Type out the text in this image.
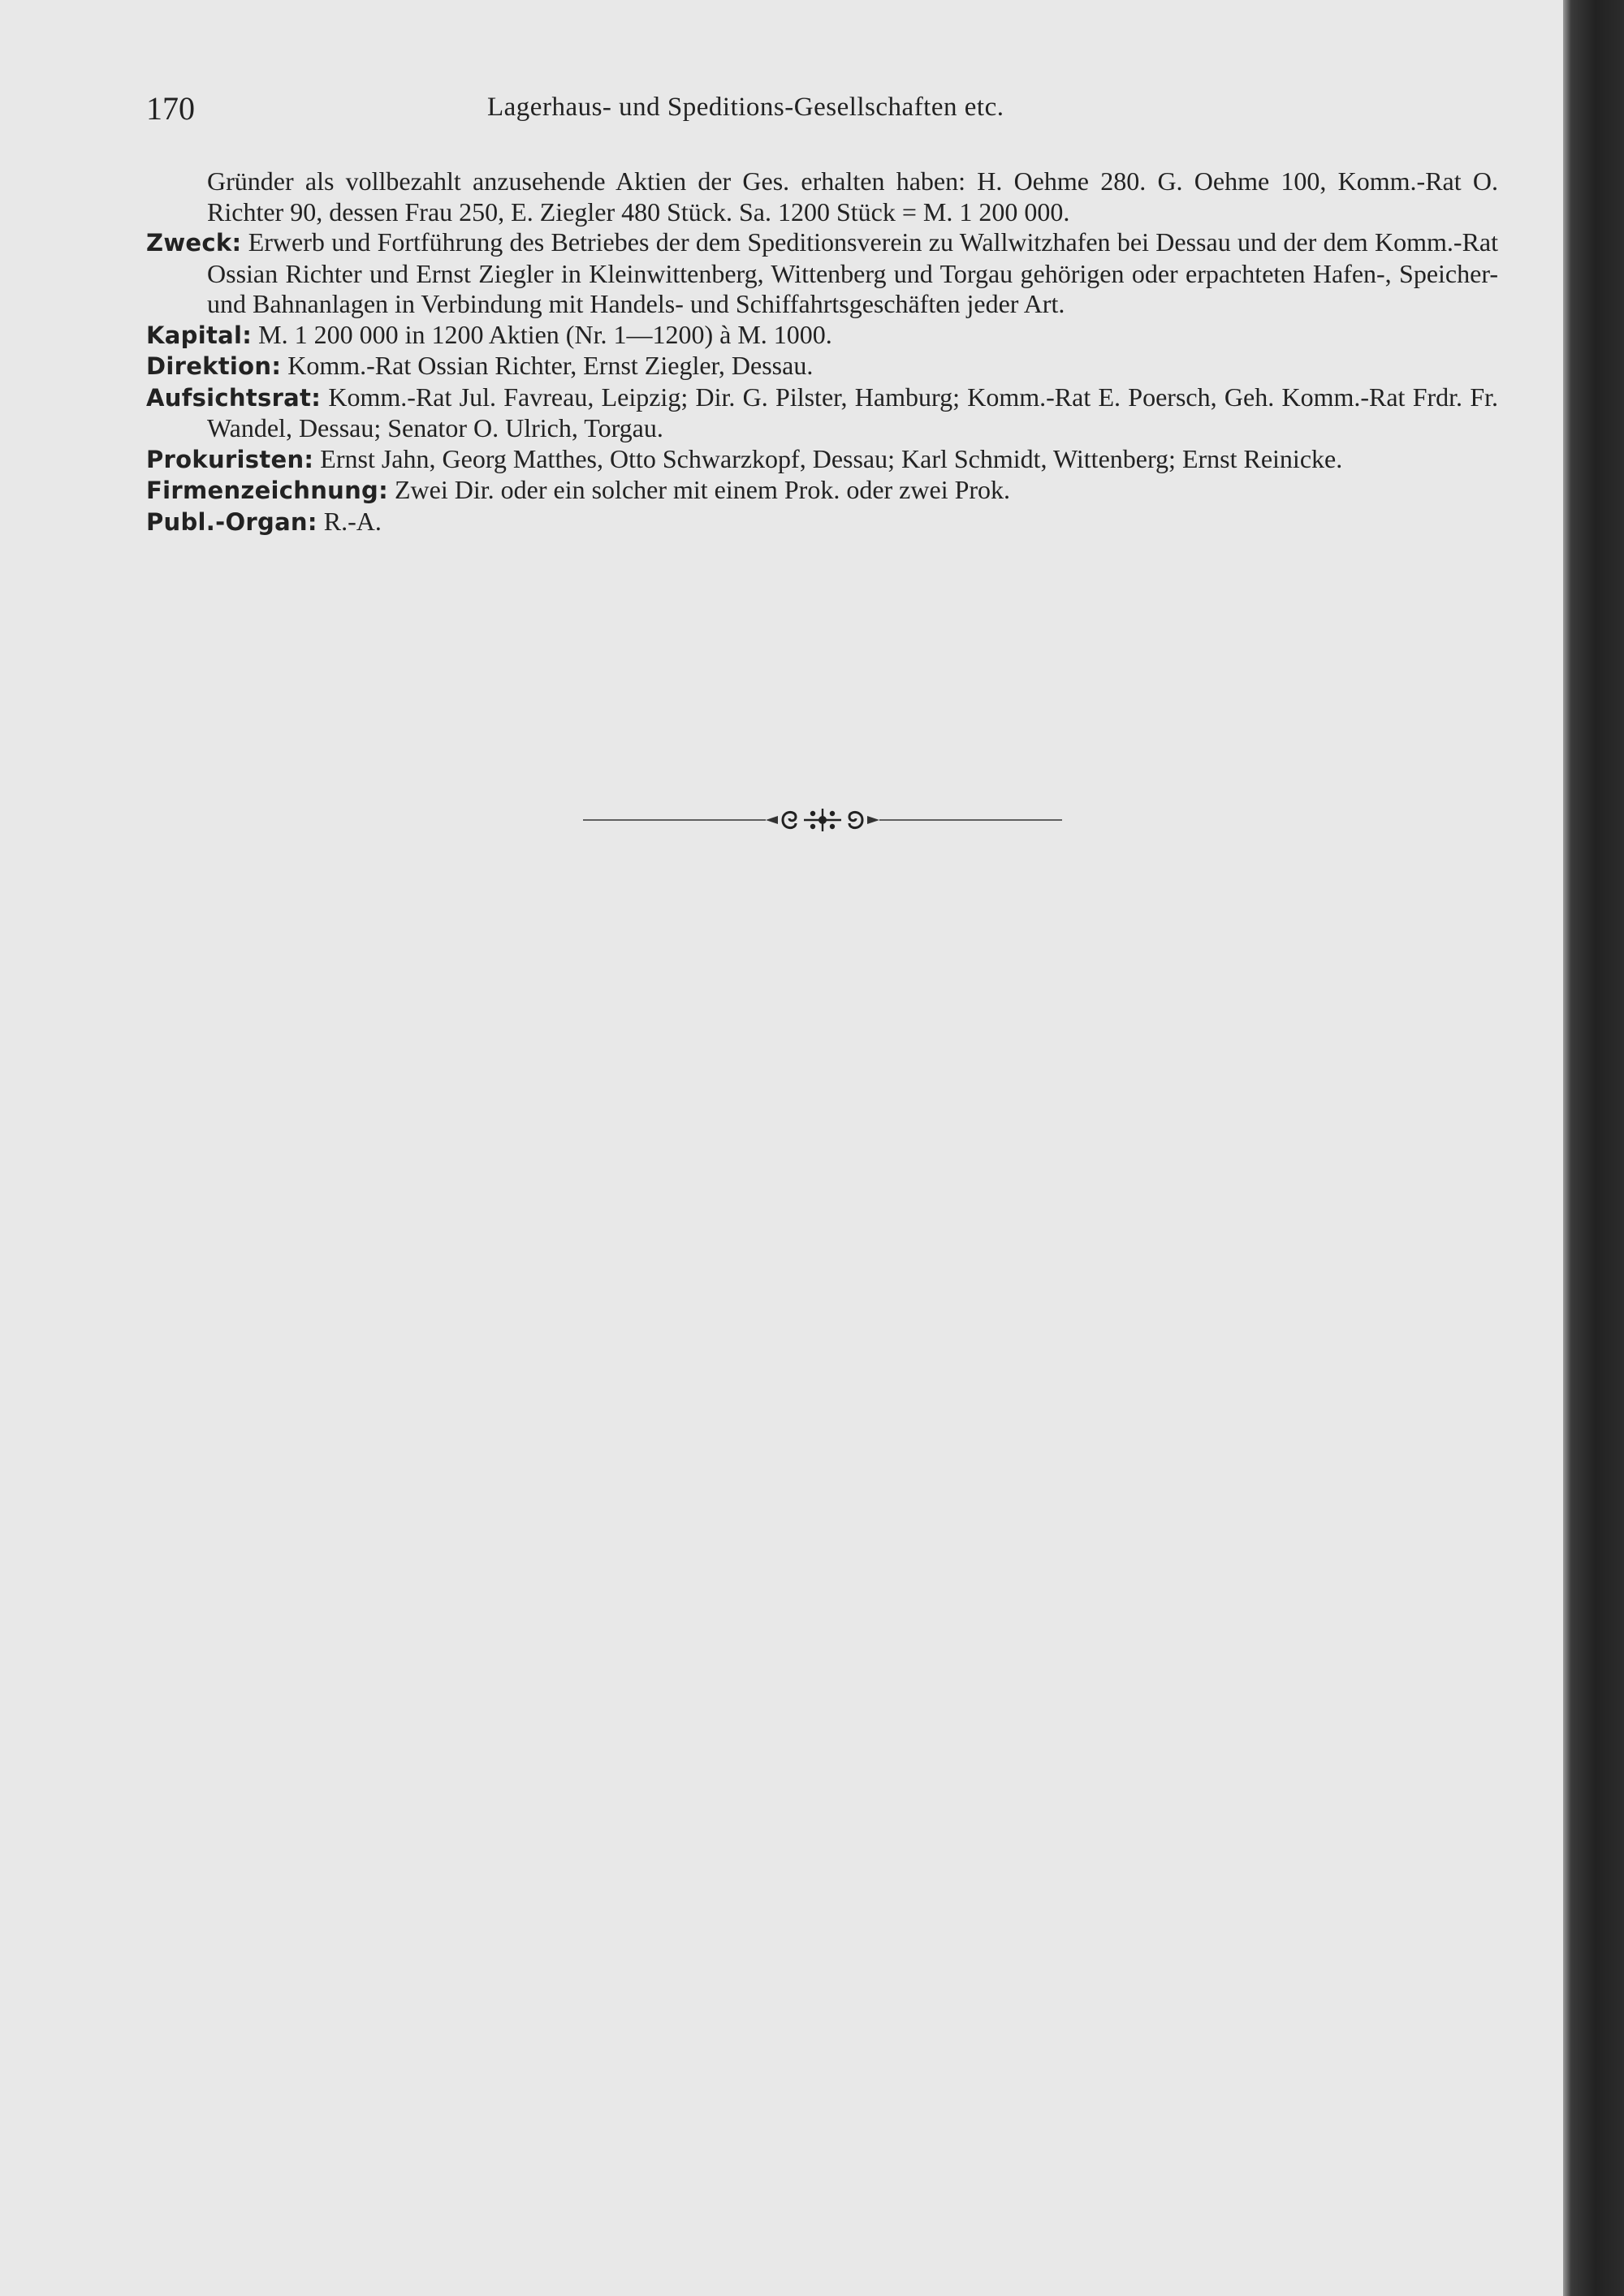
170	Lagerhaus- und Speditions-Gesellschaften etc.

Gründer als vollbezahlt anzusehende Aktien der Ges. erhalten haben: H. Oehme 280. G. Oehme 100, Komm.-Rat O. Richter 90, dessen Frau 250, E. Ziegler 480 Stück. Sa. 1200 Stück = M. 1 200 000.

Zweck: Erwerb und Fortführung des Betriebes der dem Speditionsverein zu Wallwitzhafen bei Dessau und der dem Komm.-Rat Ossian Richter und Ernst Ziegler in Kleinwittenberg, Wittenberg und Torgau gehörigen oder erpachteten Hafen-, Speicher- und Bahnanlagen in Verbindung mit Handels- und Schiffahrtsgeschäften jeder Art.

Kapital: M. 1 200 000 in 1200 Aktien (Nr. 1—1200) à M. 1000.

Direktion: Komm.-Rat Ossian Richter, Ernst Ziegler, Dessau.

Aufsichtsrat: Komm.-Rat Jul. Favreau, Leipzig; Dir. G. Pilster, Hamburg; Komm.-Rat E. Poersch, Geh. Komm.-Rat Frdr. Fr. Wandel, Dessau; Senator O. Ulrich, Torgau.

Prokuristen: Ernst Jahn, Georg Matthes, Otto Schwarzkopf, Dessau; Karl Schmidt, Wittenberg; Ernst Reinicke.

Firmenzeichnung: Zwei Dir. oder ein solcher mit einem Prok. oder zwei Prok.

Publ.-Organ: R.-A.
